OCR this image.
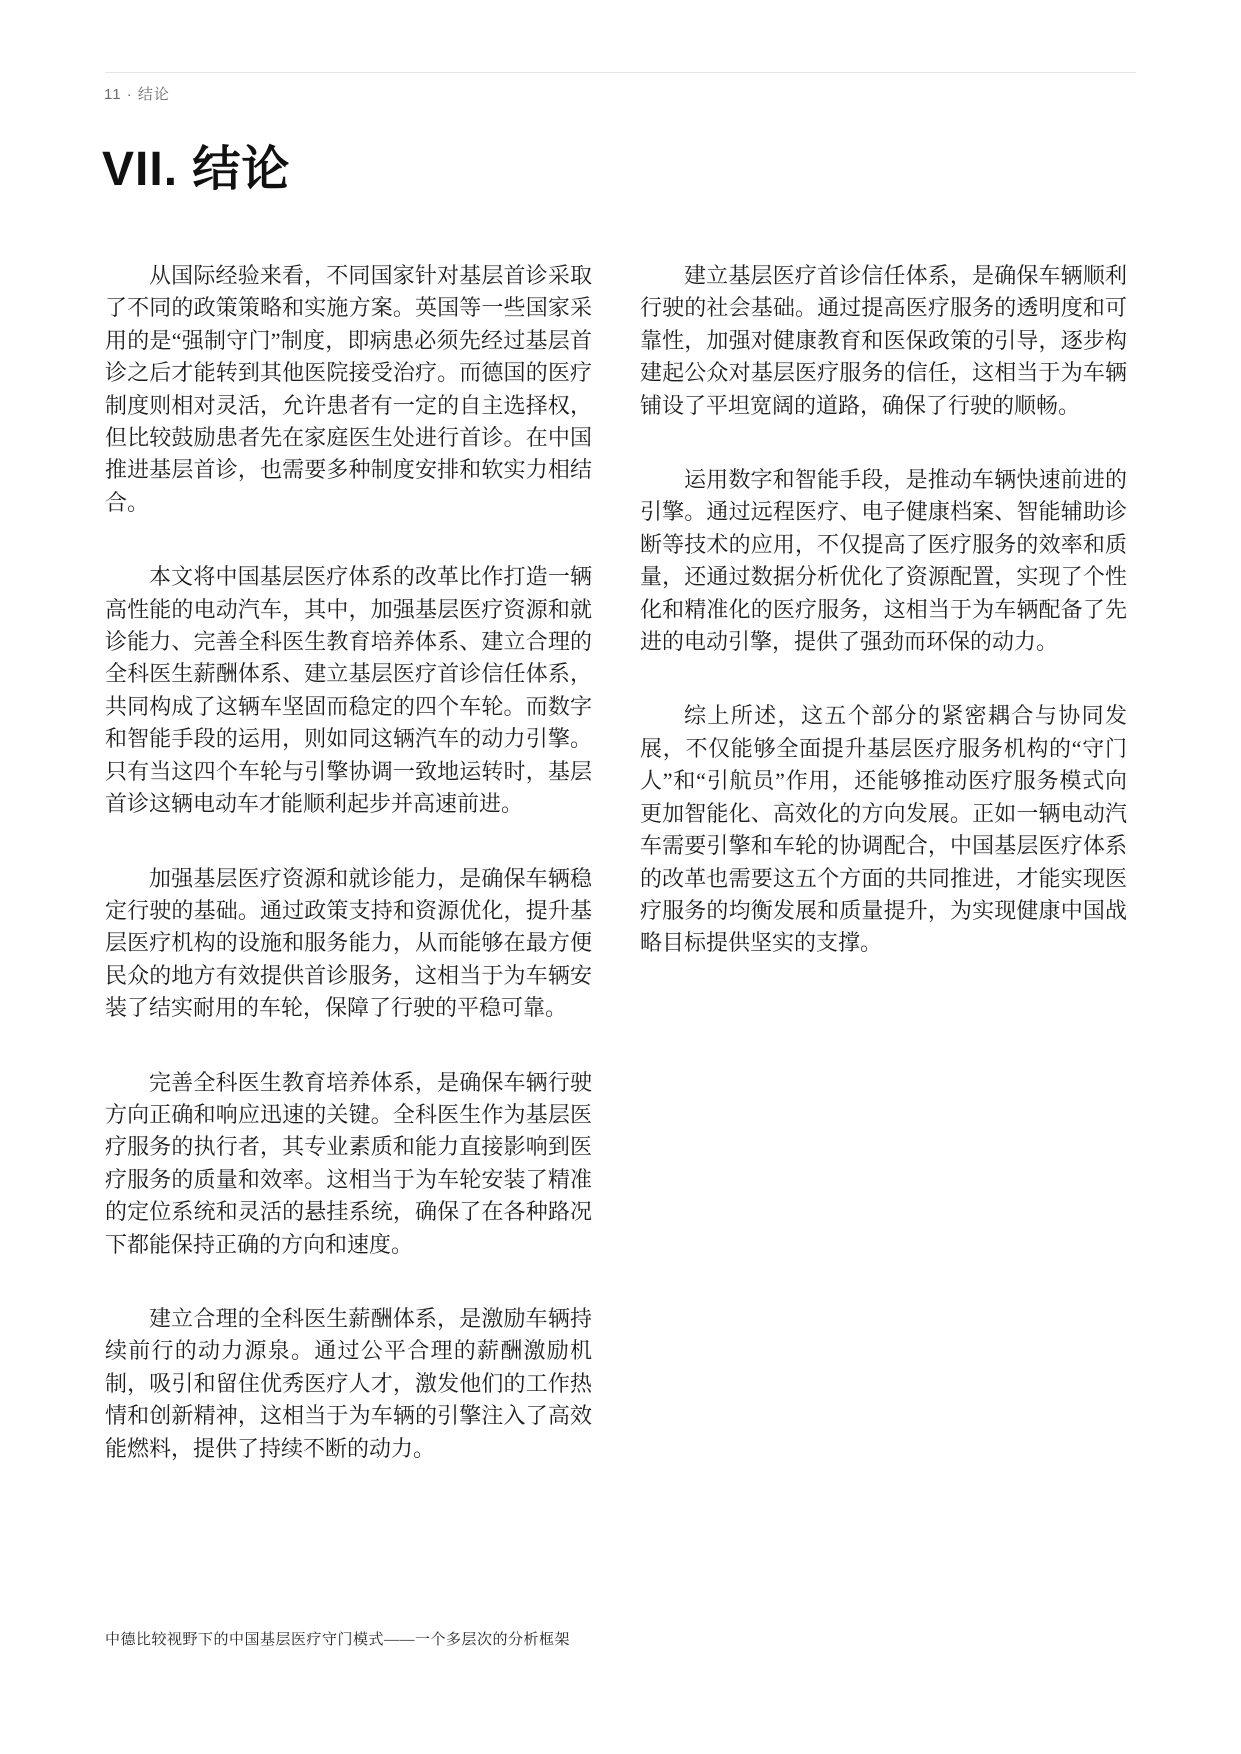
11 · 结论
VII. 结论

从国际经验来看，不同国家针对基层首诊采取了不同的政策策略和实施方案。英国等一些国家采用的是“强制守门”制度，即病患必须先经过基层首诊之后才能转到其他医院接受治疗。而德国的医疗制度则相对灵活，允许患者有一定的自主选择权，但比较鼓励患者先在家庭医生处进行首诊。在中国推进基层首诊，也需要多种制度安排和软实力相结合。

本文将中国基层医疗体系的改革比作打造一辆高性能的电动汽车，其中，加强基层医疗资源和就诊能力、完善全科医生教育培养体系、建立合理的全科医生薪酬体系、建立基层医疗首诊信任体系，共同构成了这辆车坚固而稳定的四个车轮。而数字和智能手段的运用，则如同这辆汽车的动力引擎。只有当这四个车轮与引擎协调一致地运转时，基层首诊这辆电动车才能顺利起步并高速前进。

加强基层医疗资源和就诊能力，是确保车辆稳定行驶的基础。通过政策支持和资源优化，提升基层医疗机构的设施和服务能力，从而能够在最方便民众的地方有效提供首诊服务，这相当于为车辆安装了结实耐用的车轮，保障了行驶的平稳可靠。

完善全科医生教育培养体系，是确保车辆行驶方向正确和响应迅速的关键。全科医生作为基层医疗服务的执行者，其专业素质和能力直接影响到医疗服务的质量和效率。这相当于为车轮安装了精准的定位系统和灵活的悬挂系统，确保了在各种路况下都能保持正确的方向和速度。

建立合理的全科医生薪酬体系，是激励车辆持续前行的动力源泉。通过公平合理的薪酬激励机制，吸引和留住优秀医疗人才，激发他们的工作热情和创新精神，这相当于为车辆的引擎注入了高效能燃料，提供了持续不断的动力。

建立基层医疗首诊信任体系，是确保车辆顺利行驶的社会基础。通过提高医疗服务的透明度和可靠性，加强对健康教育和医保政策的引导，逐步构建起公众对基层医疗服务的信任，这相当于为车辆铺设了平坦宽阔的道路，确保了行驶的顺畅。

运用数字和智能手段，是推动车辆快速前进的引擎。通过远程医疗、电子健康档案、智能辅助诊断等技术的应用，不仅提高了医疗服务的效率和质量，还通过数据分析优化了资源配置，实现了个性化和精准化的医疗服务，这相当于为车辆配备了先进的电动引擎，提供了强劲而环保的动力。

综上所述，这五个部分的紧密耦合与协同发展，不仅能够全面提升基层医疗服务机构的“守门人”和“引航员”作用，还能够推动医疗服务模式向更加智能化、高效化的方向发展。正如一辆电动汽车需要引擎和车轮的协调配合，中国基层医疗体系的改革也需要这五个方面的共同推进，才能实现医疗服务的均衡发展和质量提升，为实现健康中国战略目标提供坚实的支撑。

中德比较视野下的中国基层医疗守门模式——一个多层次的分析框架
